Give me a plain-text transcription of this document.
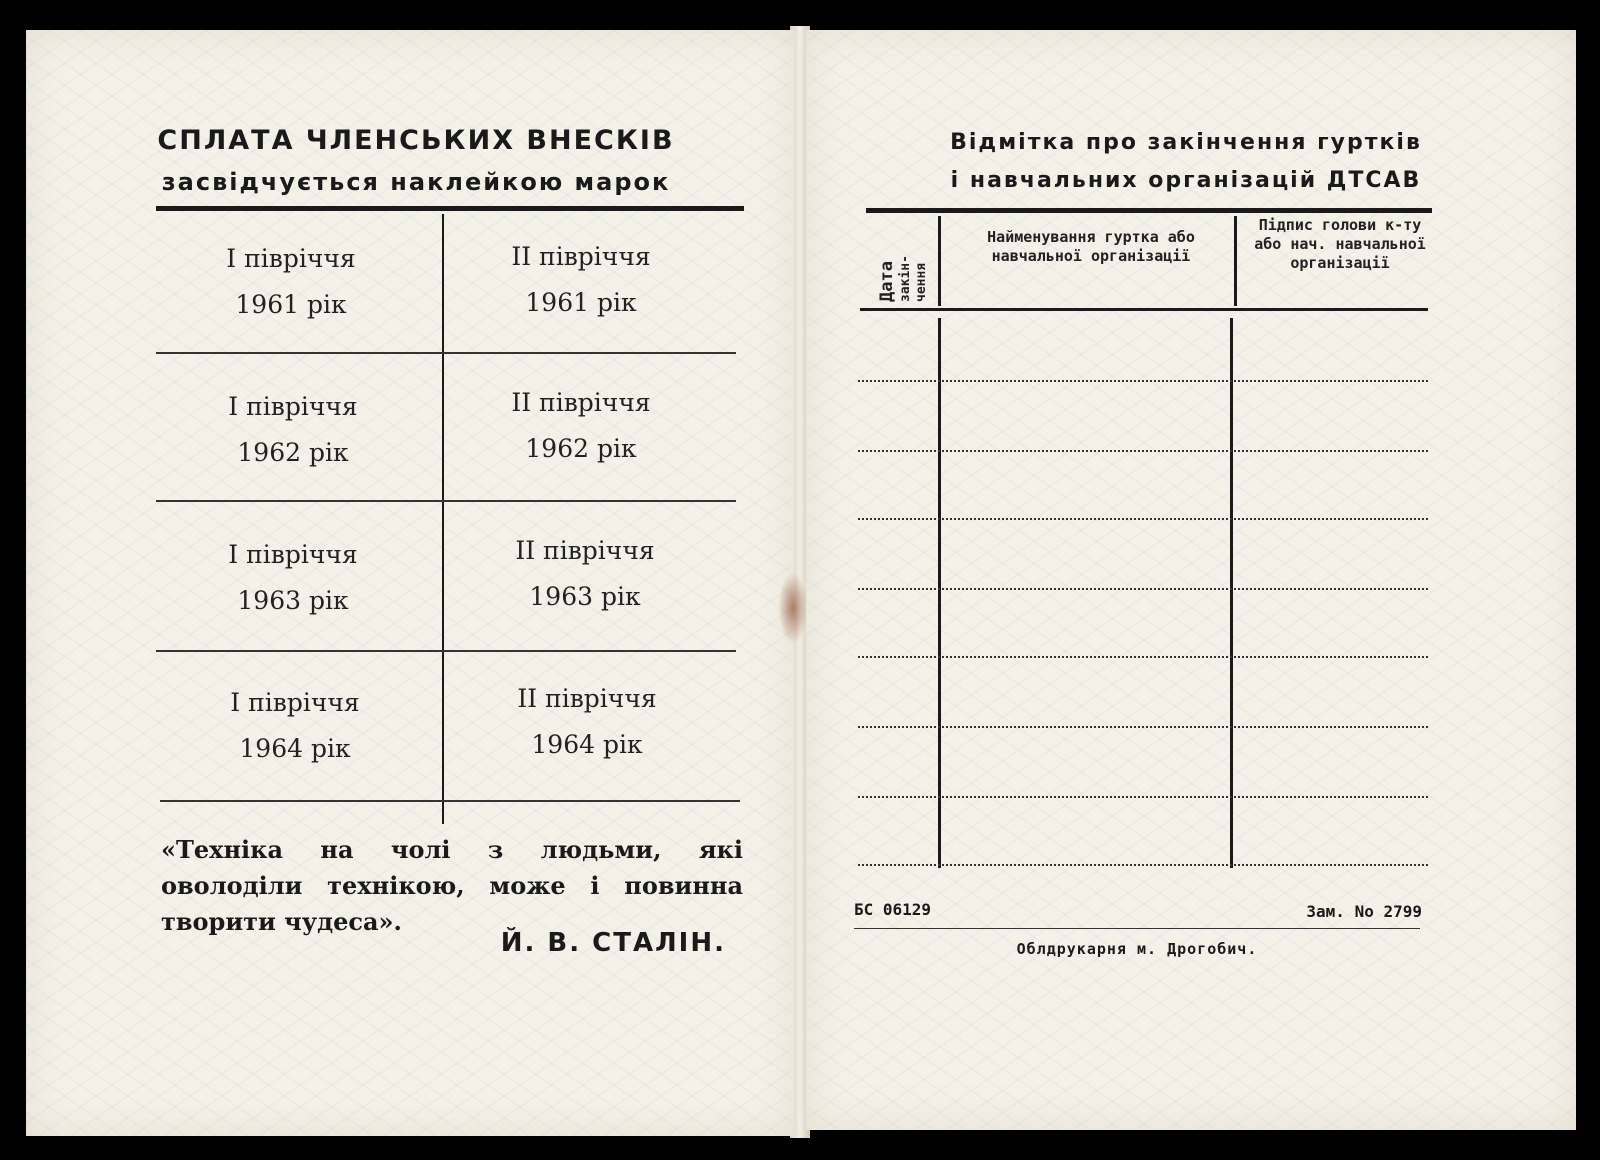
СПЛАТА ЧЛЕНСЬКИХ ВНЕСКІВ
засвідчується наклейкою марок
І півріччя
1961 рік
ІІ півріччя
1961 рік
І півріччя
1962 рік
ІІ півріччя
1962 рік
І півріччя
1963 рік
ІІ півріччя
1963 рік
І півріччя
1964 рік
ІІ півріччя
1964 рік
«Техніка на чолі з людьми, які оволоділи технікою, може і повинна творити чудеса».
Й. В. СТАЛІН.
Відмітка про закінчення гуртків
і навчальних організацій ДТСАВ
Дата закін- чення
Найменування гуртка або навчальної організації
Підпис голови к-ту або нач. навчальної організації
БС 06129	Зам. No 2799
Облдрукарня м. Дрогобич.
